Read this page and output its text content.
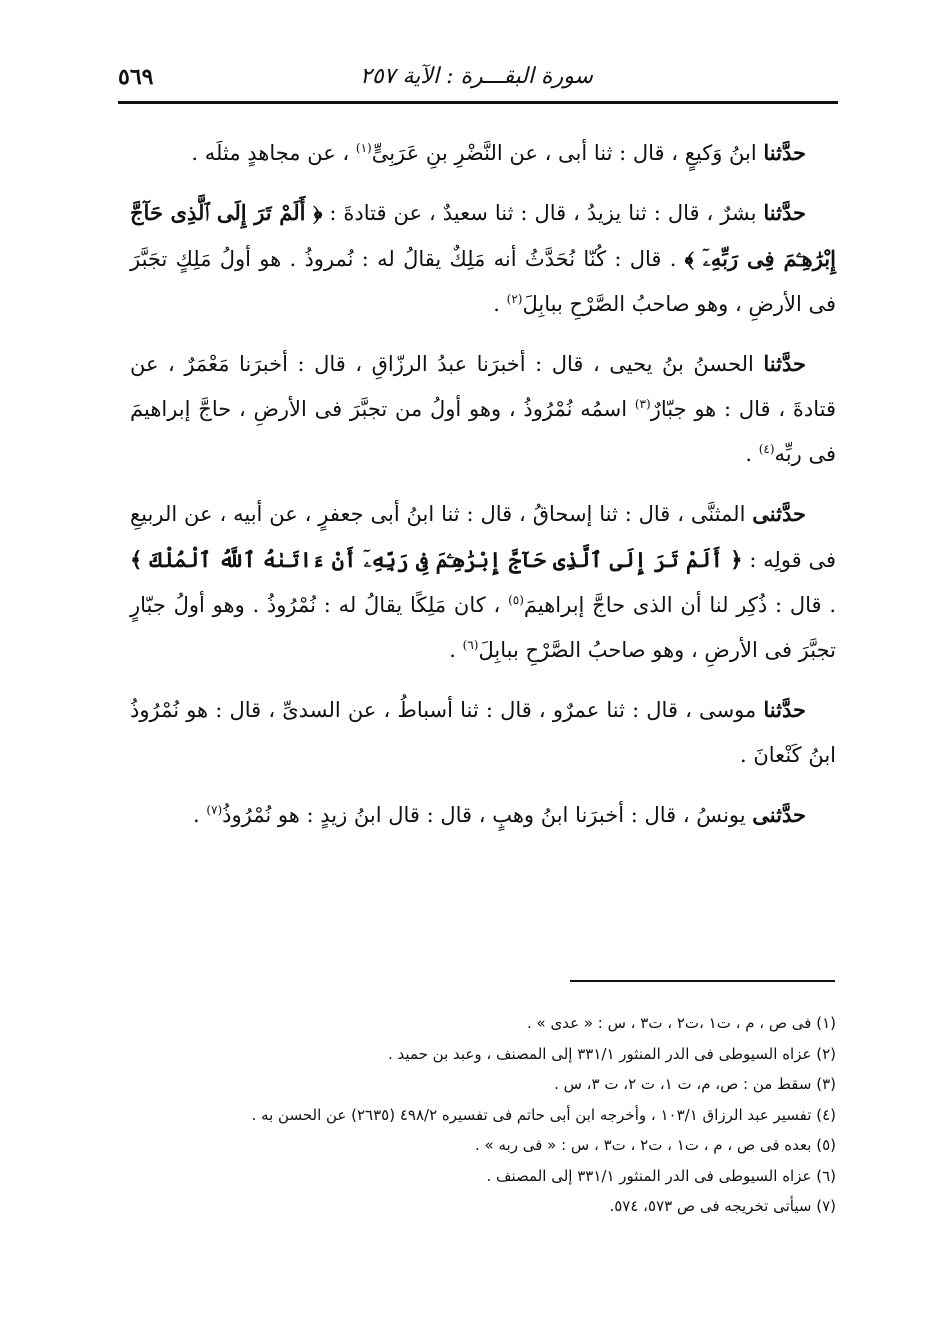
سورة البقـــرة : الآية ٢٥٧
٥٦٩

حدَّثنا ابنُ وَكيعٍ ، قال : ثنا أبى ، عن النَّضْرِ بنِ عَرَبِىٍّ$^{(١)}$ ، عن مجاهدٍ مثلَه .

حدَّثنا بشرٌ ، قال : ثنا يزيدُ ، قال : ثنا سعيدٌ ، عن قتادةَ : ﴿ أَلَمْ تَرَ إِلَى ٱلَّذِى حَآجَّ إِبْرَٰهِـۧمَ فِى رَبِّهِۦٓ ﴾ . قال : كُنّا نُحَدَّثُ أنه مَلِكٌ يقالُ له : نُمروذُ . هو أولُ مَلِكٍ تجَبَّرَ فى الأرضِ ، وهو صاحبُ الصَّرْحِ ببابِلَ$^{(٢)}$ .

حدَّثنا الحسنُ بنُ يحيى ، قال : أخبرَنا عبدُ الرزّاقِ ، قال : أخبرَنا مَعْمَرٌ ، عن قتادةَ ، قال : هو جبّارٌ$^{(٣)}$ اسمُه نُمْرُوذُ ، وهو أولُ من تجبَّرَ فى الأرضِ ، حاجَّ إبراهيمَ فى ربِّه$^{(٤)}$ .

حدَّثنى المثنَّى ، قال : ثنا إسحاقُ ، قال : ثنا ابنُ أبى جعفرٍ ، عن أبيه ، عن الربيعِ فى قولِه : ﴿ أَلَمْ تَرَ إِلَى ٱلَّذِى حَآجَّ إِبْرَٰهِـۧمَ فِى رَبِّهِۦٓ أَنْ ءَاتَىٰهُ ٱللَّهُ ٱلْمُلْكَ ﴾ . قال : ذُكِر لنا أن الذى حاجَّ إبراهيمَ$^{(٥)}$ ، كان مَلِكًا يقالُ له : نُمْرُوذُ . وهو أولُ جبّارٍ تجبَّرَ فى الأرضِ ، وهو صاحبُ الصَّرْحِ ببابِلَ$^{(٦)}$ .

حدَّثنا موسى ، قال : ثنا عمرٌو ، قال : ثنا أسباطُ ، عن السدىِّ ، قال : هو نُمْرُوذُ ابنُ كَنْعانَ .

حدَّثنى يونسُ ، قال : أخبرَنا ابنُ وهبٍ ، قال : قال ابنُ زيدٍ : هو نُمْرُوذُ$^{(٧)}$ .

(١) فى ص ، م ، ت١ ،ت٢ ، ت٣ ، س : « عدى » .
(٢) عزاه السيوطى فى الدر المنثور ٣٣١/١ إلى المصنف ، وعبد بن حميد .
(٣) سقط من : ص، م، ت ١، ت ٢، ت ٣، س .
(٤) تفسير عبد الرزاق ١٠٣/١ ، وأخرجه ابن أبى حاتم فى تفسيره ٤٩٨/٢ (٢٦٣٥) عن الحسن به .
(٥) بعده فى ص ، م ، ت١ ، ت٢ ، ت٣ ، س : « فى ربه » .
(٦) عزاه السيوطى فى الدر المنثور ٣٣١/١ إلى المصنف .
(٧) سيأتى تخريجه فى ص ٥٧٣، ٥٧٤.
